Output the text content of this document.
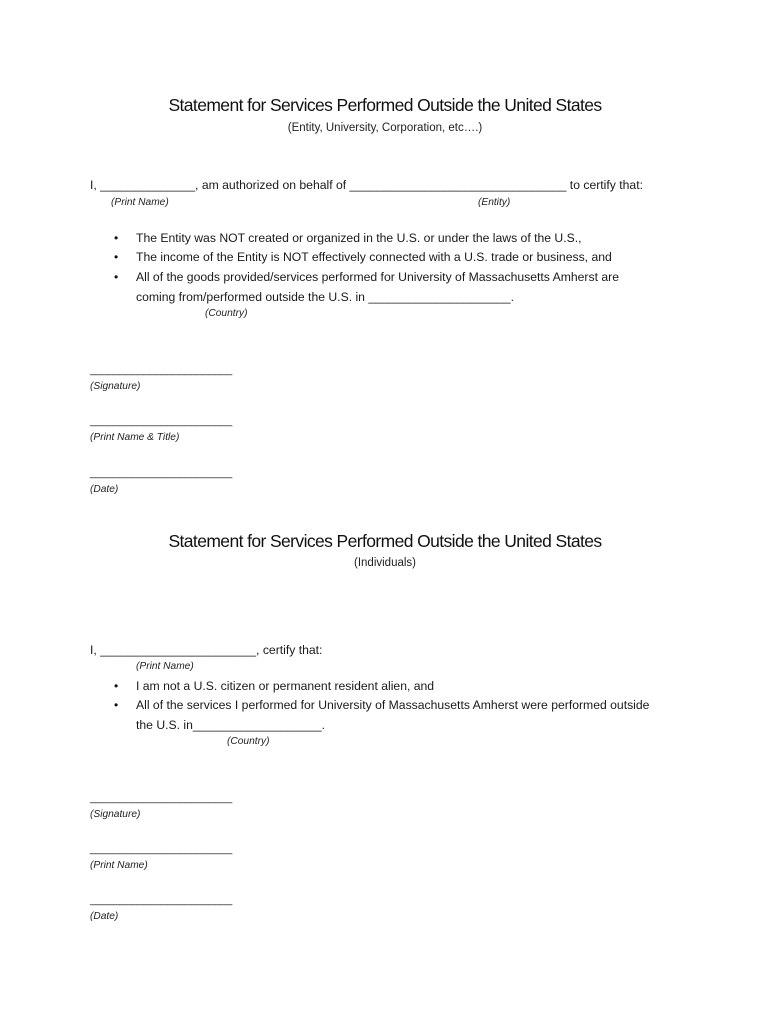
Statement for Services Performed Outside the United States
(Entity, University, Corporation, etc….)
I, ______________, am authorized on behalf of ________________________________ to certify that:
(Print Name)	(Entity)
• The Entity was NOT created or organized in the U.S. or under the laws of the U.S.,
• The income of the Entity is NOT effectively connected with a U.S. trade or business, and
• All of the goods provided/services performed for University of Massachusetts Amherst are
coming from/performed outside the U.S. in _____________________.
(Country)
________________________
(Signature)
________________________
(Print Name & Title)
________________________
(Date)
Statement for Services Performed Outside the United States
(Individuals)
I, _______________________, certify that:
(Print Name)
• I am not a U.S. citizen or permanent resident alien, and
• All of the services I performed for University of Massachusetts Amherst were performed outside
the U.S. in___________________.
(Country)
________________________
(Signature)
________________________
(Print Name)
________________________
(Date)
